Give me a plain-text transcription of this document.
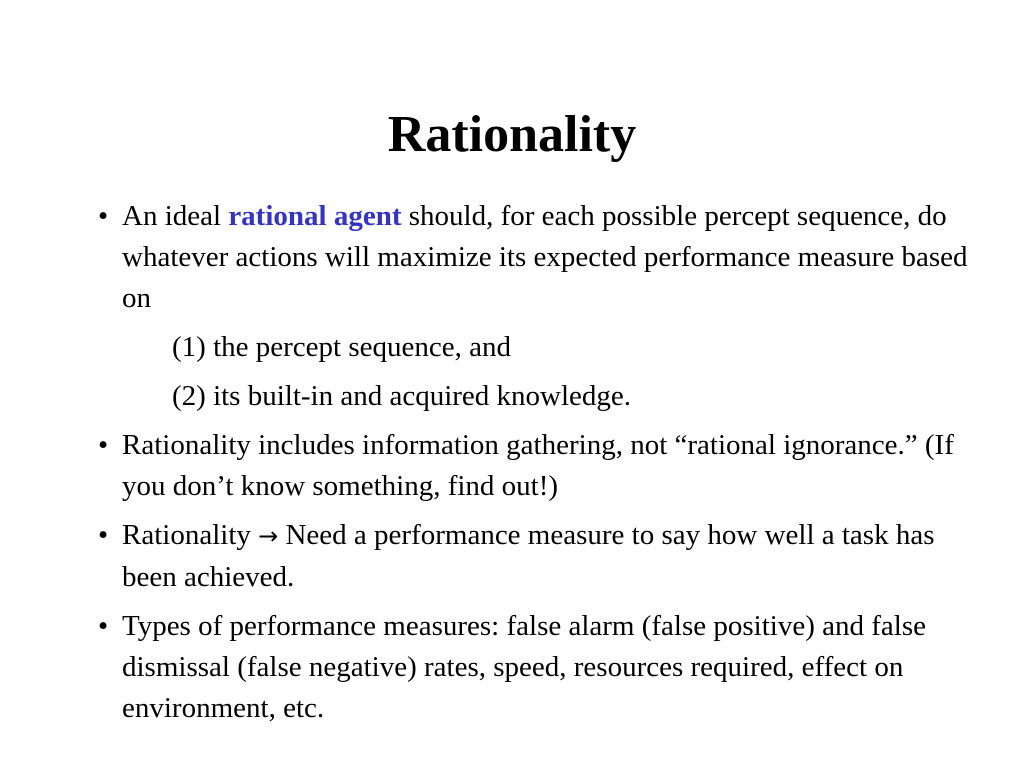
Rationality
• An ideal rational agent should, for each possible percept sequence, do whatever actions will maximize its expected performance measure based on
(1) the percept sequence, and
(2) its built-in and acquired knowledge.
• Rationality includes information gathering, not “rational ignorance.” (If you don’t know something, find out!)
• Rationality → Need a performance measure to say how well a task has been achieved.
• Types of performance measures: false alarm (false positive) and false dismissal (false negative) rates, speed, resources required, effect on environment, etc.
